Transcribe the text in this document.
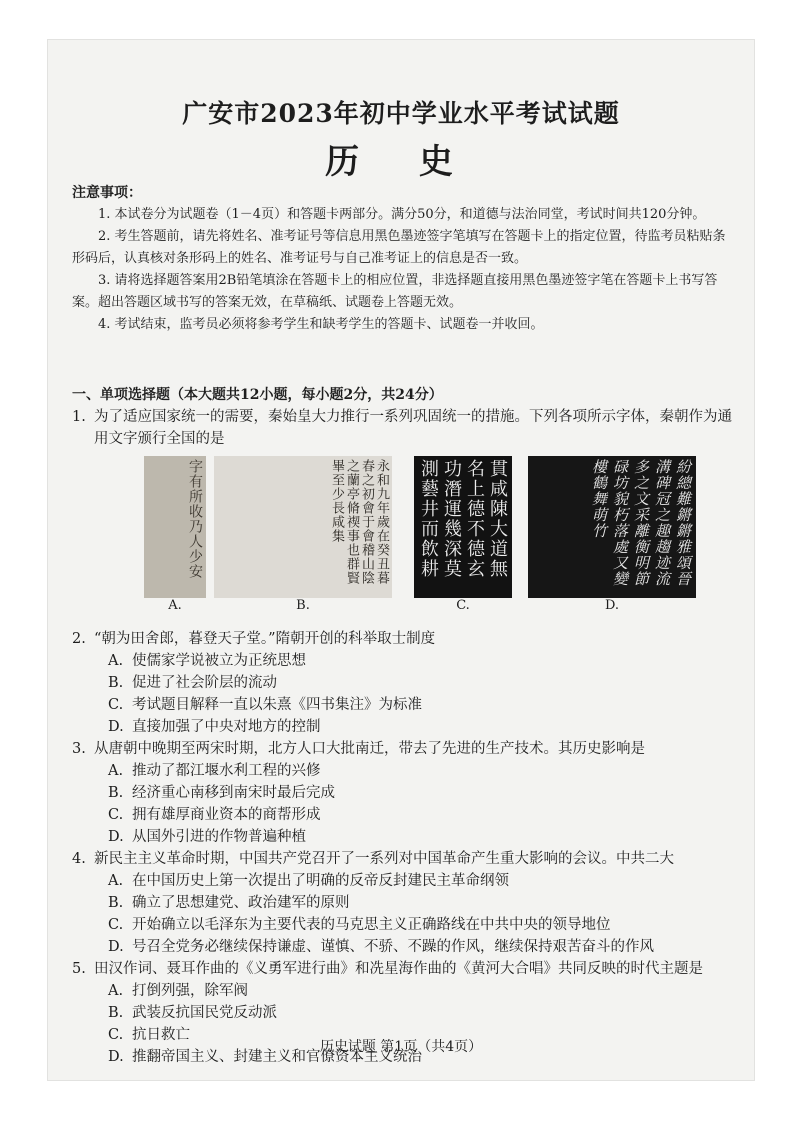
广安市2023年初中学业水平考试试题
历 史
注意事项：

1. 本试卷分为试题卷（1－4页）和答题卡两部分。满分50分，和道德与法治同堂，考试时间共120分钟。

2. 考生答题前，请先将姓名、准考证号等信息用黑色墨迹签字笔填写在答题卡上的指定位置，待监考员粘贴条形码后，认真核对条形码上的姓名、准考证号与自己准考证上的信息是否一致。

3. 请将选择题答案用2B铅笔填涂在答题卡上的相应位置，非选择题直接用黑色墨迹签字笔在答题卡上书写答案。超出答题区域书写的答案无效，在草稿纸、试题卷上答题无效。

4. 考试结束，监考员必须将参考学生和缺考学生的答题卡、试题卷一并收回。

一、单项选择题（本大题共12小题，每小题2分，共24分）
1. 为了适应国家统一的需要，秦始皇大力推行一系列巩固统一的措施。下列各项所示字体，秦朝作为通用文字颁行全国的是
字有所收乃人少安
A.
永和九年歲在癸丑暮春之初會于會稽山陰之蘭亭脩禊事也群賢畢至少長咸集
B.
貫咸陳大道無名上德不德玄功潛運幾深莫測藝井而飲耕
C.
紛總難鏘鏘雅頌晉溝碑冠之趣趨迹流多之文采離衡明節碌坊貌朽落處又變樓鶴舞萌竹
D.
2. “朝为田舍郎，暮登天子堂。”隋朝开创的科举取士制度
A. 使儒家学说被立为正统思想
B. 促进了社会阶层的流动
C. 考试题目解释一直以朱熹《四书集注》为标准
D. 直接加强了中央对地方的控制
3. 从唐朝中晚期至两宋时期，北方人口大批南迁，带去了先进的生产技术。其历史影响是
A. 推动了都江堰水利工程的兴修
B. 经济重心南移到南宋时最后完成
C. 拥有雄厚商业资本的商帮形成
D. 从国外引进的作物普遍种植
4. 新民主主义革命时期，中国共产党召开了一系列对中国革命产生重大影响的会议。中共二大
A. 在中国历史上第一次提出了明确的反帝反封建民主革命纲领
B. 确立了思想建党、政治建军的原则
C. 开始确立以毛泽东为主要代表的马克思主义正确路线在中共中央的领导地位
D. 号召全党务必继续保持谦虚、谨慎、不骄、不躁的作风，继续保持艰苦奋斗的作风
5. 田汉作词、聂耳作曲的《义勇军进行曲》和冼星海作曲的《黄河大合唱》共同反映的时代主题是
A. 打倒列强，除军阀
B. 武装反抗国民党反动派
C. 抗日救亡
D. 推翻帝国主义、封建主义和官僚资本主义统治
历史试题 第1页（共4页）
